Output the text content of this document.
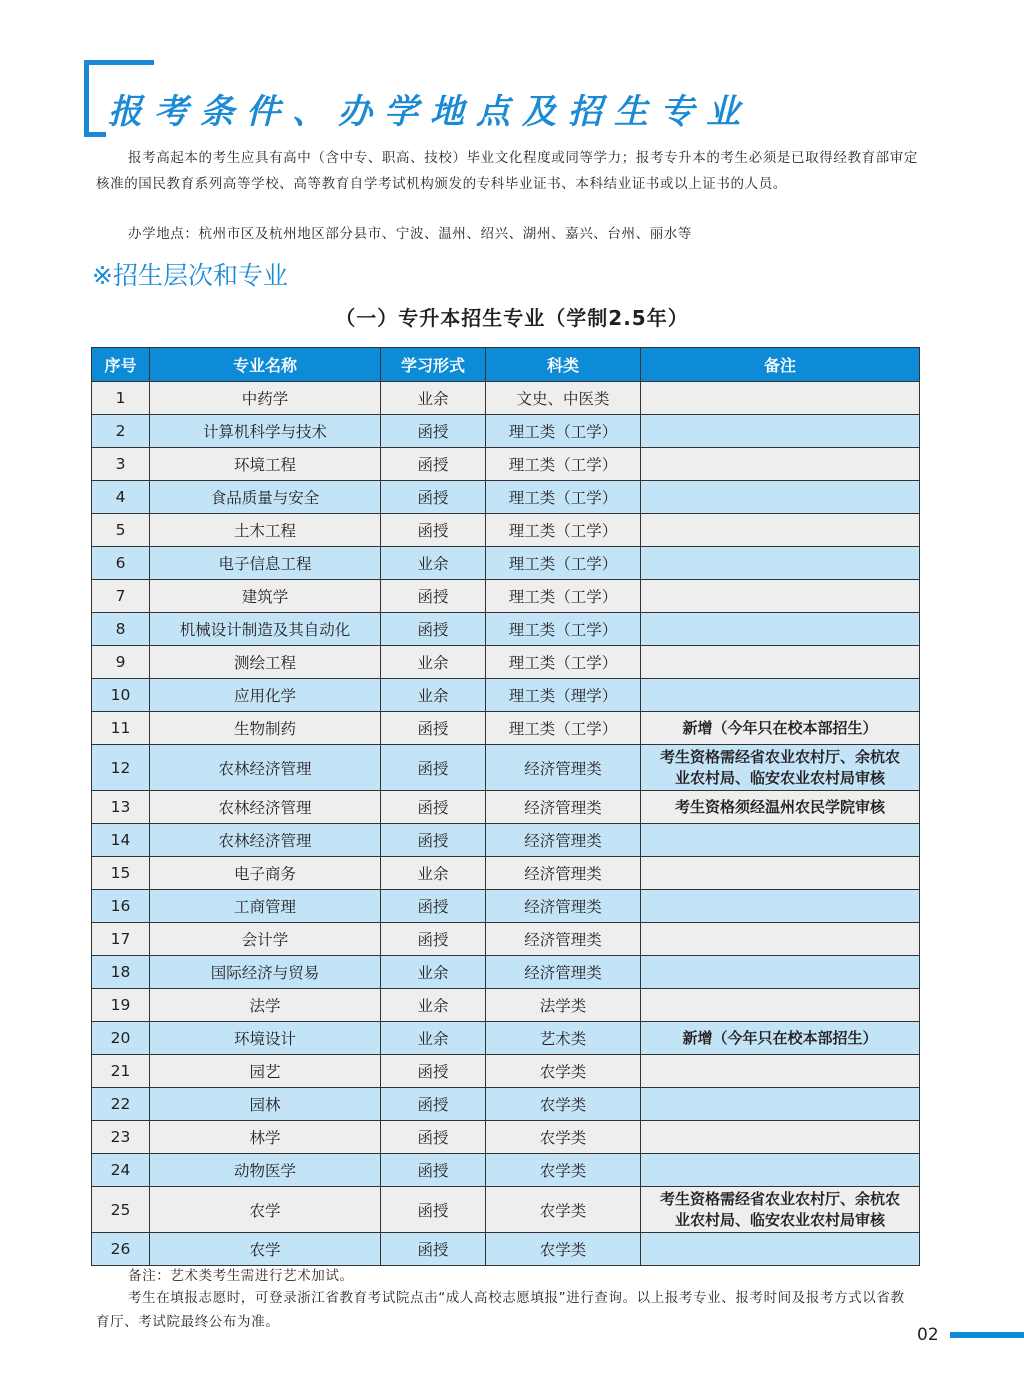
报考条件、办学地点及招生专业
报考高起本的考生应具有高中（含中专、职高、技校）毕业文化程度或同等学力；报考专升本的考生必须是已取得经教育部审定核准的国民教育系列高等学校、高等教育自学考试机构颁发的专科毕业证书、本科结业证书或以上证书的人员。
办学地点：杭州市区及杭州地区部分县市、宁波、温州、绍兴、湖州、嘉兴、台州、丽水等
※招生层次和专业
（一）专升本招生专业（学制2.5年）
序号	专业名称	学习形式	科类	备注
1	中药学	业余	文史、中医类	
2	计算机科学与技术	函授	理工类（工学）	
3	环境工程	函授	理工类（工学）	
4	食品质量与安全	函授	理工类（工学）	
5	土木工程	函授	理工类（工学）	
6	电子信息工程	业余	理工类（工学）	
7	建筑学	函授	理工类（工学）	
8	机械设计制造及其自动化	函授	理工类（工学）	
9	测绘工程	业余	理工类（工学）	
10	应用化学	业余	理工类（理学）	
11	生物制药	函授	理工类（工学）	新增（今年只在校本部招生）
12	农林经济管理	函授	经济管理类	考生资格需经省农业农村厅、余杭农业农村局、临安农业农村局审核
13	农林经济管理	函授	经济管理类	考生资格须经温州农民学院审核
14	农林经济管理	函授	经济管理类	
15	电子商务	业余	经济管理类	
16	工商管理	函授	经济管理类	
17	会计学	函授	经济管理类	
18	国际经济与贸易	业余	经济管理类	
19	法学	业余	法学类	
20	环境设计	业余	艺术类	新增（今年只在校本部招生）
21	园艺	函授	农学类	
22	园林	函授	农学类	
23	林学	函授	农学类	
24	动物医学	函授	农学类	
25	农学	函授	农学类	考生资格需经省农业农村厅、余杭农业农村局、临安农业农村局审核
26	农学	函授	农学类	
备注：艺术类考生需进行艺术加试。
考生在填报志愿时，可登录浙江省教育考试院点击“成人高校志愿填报”进行查询。以上报考专业、报考时间及报考方式以省教育厅、考试院最终公布为准。
02
